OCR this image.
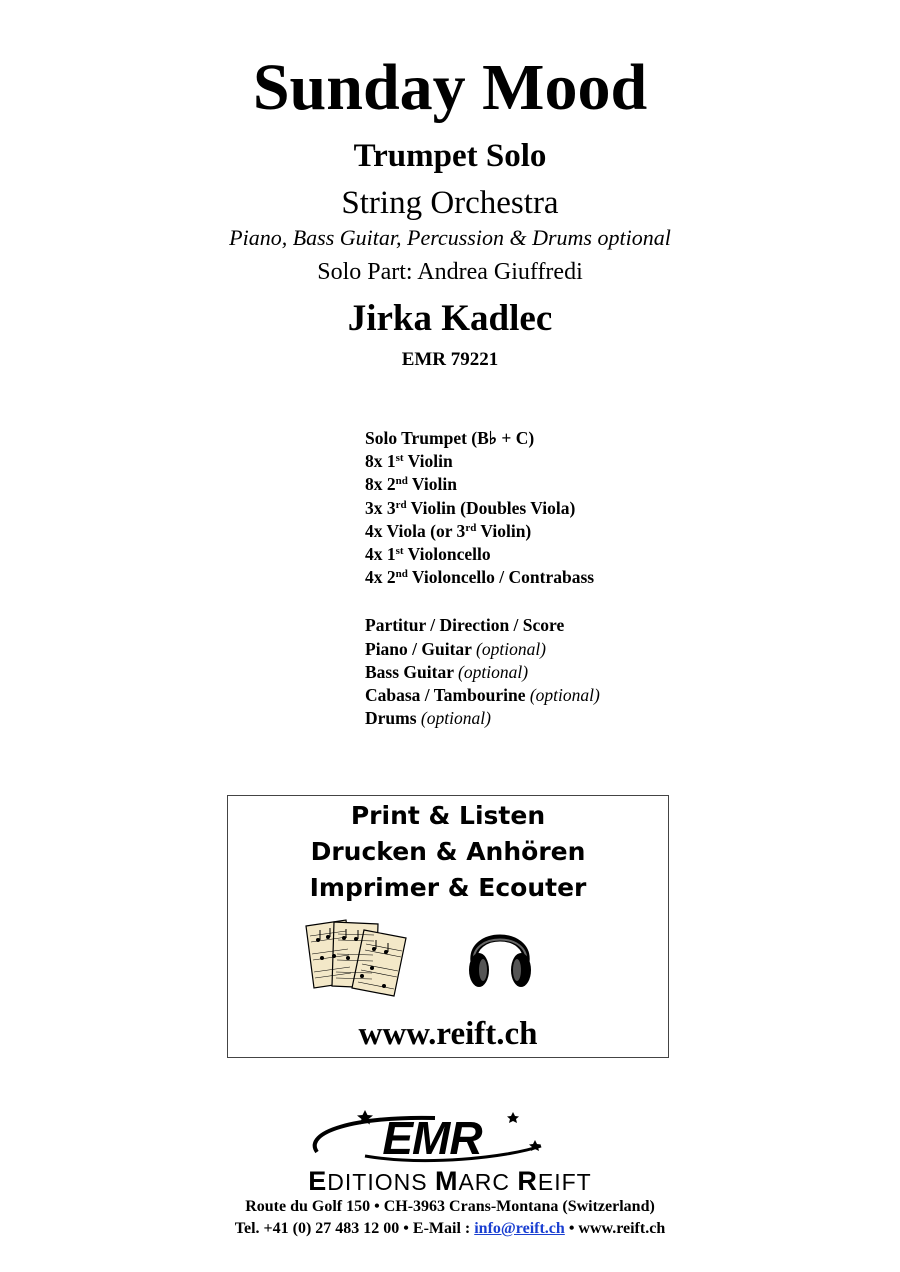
Sunday Mood
Trumpet Solo
String Orchestra
Piano, Bass Guitar, Percussion & Drums optional
Solo Part: Andrea Giuffredi
Jirka Kadlec
EMR 79221
Solo Trumpet (B♭ + C)
8x 1st Violin
8x 2nd Violin
3x 3rd Violin (Doubles Viola)
4x Viola (or 3rd Violin)
4x 1st Violoncello
4x 2nd Violoncello / Contrabass
Partitur / Direction / Score
Piano / Guitar (optional)
Bass Guitar (optional)
Cabasa / Tambourine (optional)
Drums (optional)
Print & Listen
Drucken & Anhören
Imprimer & Ecouter
www.reift.ch
EMR
EDITIONS MARC REIFT
Route du Golf 150 • CH-3963 Crans-Montana (Switzerland)
Tel. +41 (0) 27 483 12 00 • E-Mail : info@reift.ch • www.reift.ch
